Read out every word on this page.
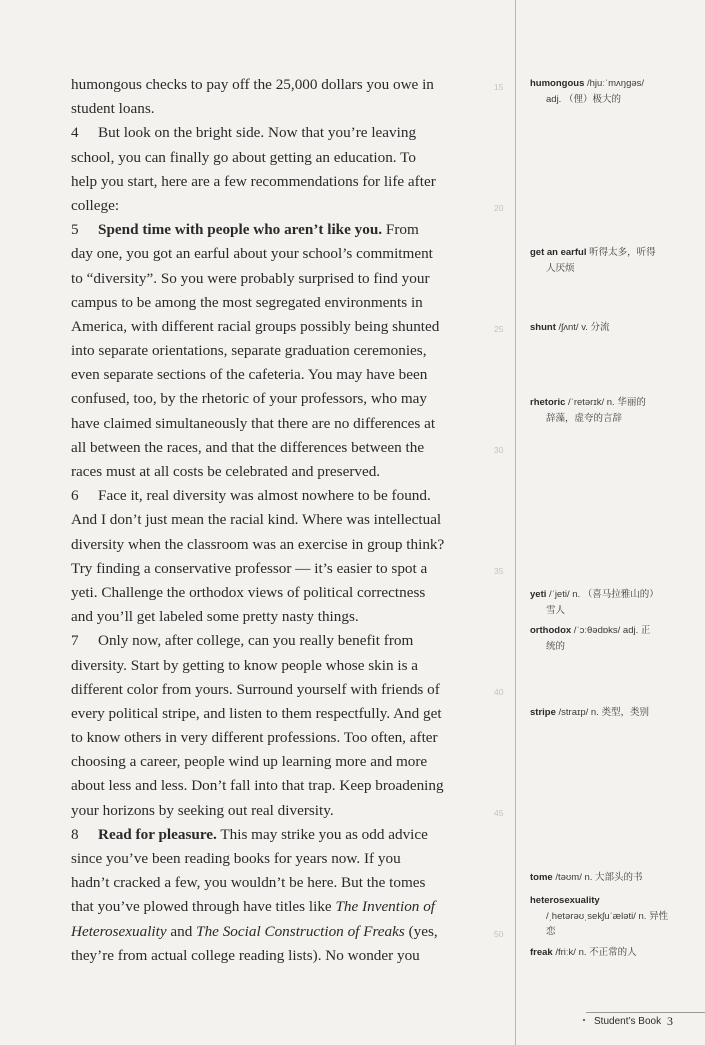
humongous checks to pay off the 25,000 dollars you owe in
student loans.
4 But look on the bright side. Now that you’re leaving
school, you can finally go about getting an education. To
help you start, here are a few recommendations for life after
college:
5 Spend time with people who aren’t like you. From
day one, you got an earful about your school’s commitment
to “diversity”. So you were probably surprised to find your
campus to be among the most segregated environments in
America, with different racial groups possibly being shunted
into separate orientations, separate graduation ceremonies,
even separate sections of the cafeteria. You may have been
confused, too, by the rhetoric of your professors, who may
have claimed simultaneously that there are no differences at
all between the races, and that the differences between the
races must at all costs be celebrated and preserved.
6 Face it, real diversity was almost nowhere to be found.
And I don’t just mean the racial kind. Where was intellectual
diversity when the classroom was an exercise in group think?
Try finding a conservative professor — it’s easier to spot a
yeti. Challenge the orthodox views of political correctness
and you’ll get labeled some pretty nasty things.
7 Only now, after college, can you really benefit from
diversity. Start by getting to know people whose skin is a
different color from yours. Surround yourself with friends of
every political stripe, and listen to them respectfully. And get
to know others in very different professions. Too often, after
choosing a career, people wind up learning more and more
about less and less. Don’t fall into that trap. Keep broadening
your horizons by seeking out real diversity.
8 Read for pleasure. This may strike you as odd advice
since you’ve been reading books for years now. If you
hadn’t cracked a few, you wouldn’t be here. But the tomes
that you’ve plowed through have titles like The Invention of
Heterosexuality and The Social Construction of Freaks (yes,
they’re from actual college reading lists). No wonder you
15
20
25
30
35
40
45
50
humongous /hjuːˈmʌŋɡəs/
adj. （俚）极大的
get an earful 听得太多，听得
人厌烦
shunt /ʃʌnt/ v. 分流
rhetoric /ˈretərɪk/ n. 华丽的
辞藻，虚夸的言辞
yeti /ˈjeti/ n. （喜马拉雅山的）
雪人
orthodox /ˈɔːθədɒks/ adj. 正
统的
stripe /straɪp/ n. 类型，类别
tome /təʊm/ n. 大部头的书
heterosexuality
/ˌhetərəʊˌsekʃuˈæləti/ n. 异性恋
freak /friːk/ n. 不正常的人
Student’s Book 3
